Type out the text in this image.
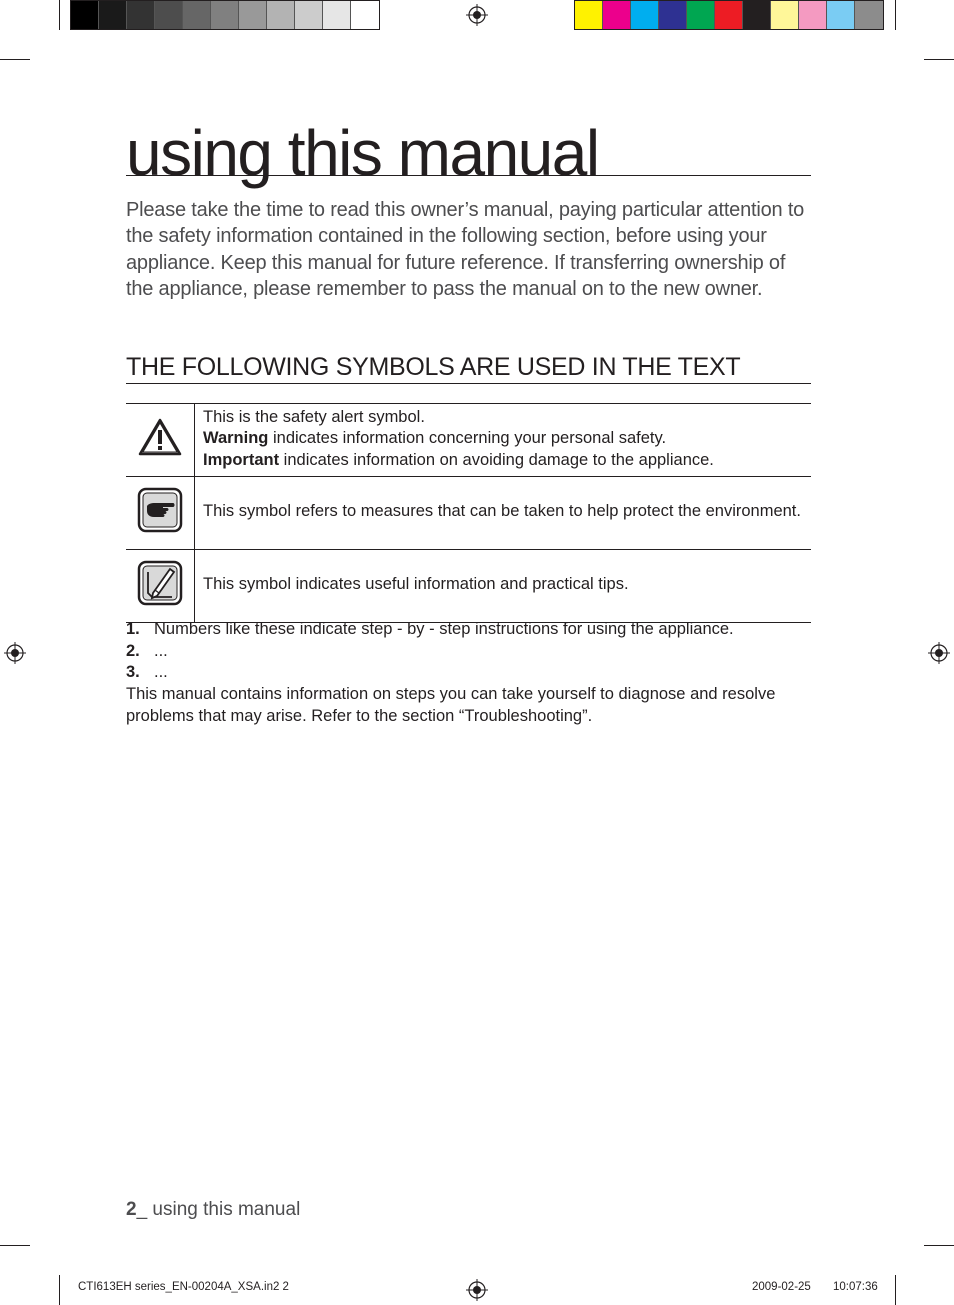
using this manual
Please take the time to read this owner’s manual, paying particular attention to the safety information contained in the following section, before using your appliance. Keep this manual for future reference. If transferring ownership of the appliance, please remember to pass the manual on to the new owner.
THE FOLLOWING SYMBOLS ARE USED IN THE TEXT

This is the safety alert symbol.
Warning indicates information concerning your personal safety.
Important indicates information on avoiding damage to the appliance.

	This symbol refers to measures that can be taken to help protect the environment.
	This symbol indicates useful information and practical tips.
1. Numbers like these indicate step - by - step instructions for using the appliance.
2. ...
3. ...
This manual contains information on steps you can take yourself to diagnose and resolve problems that may arise. Refer to the section “Troubleshooting”.
2_ using this manual
CTI613EH series_EN-00204A_XSA.in2 2	2009-02-25 10:07:36
